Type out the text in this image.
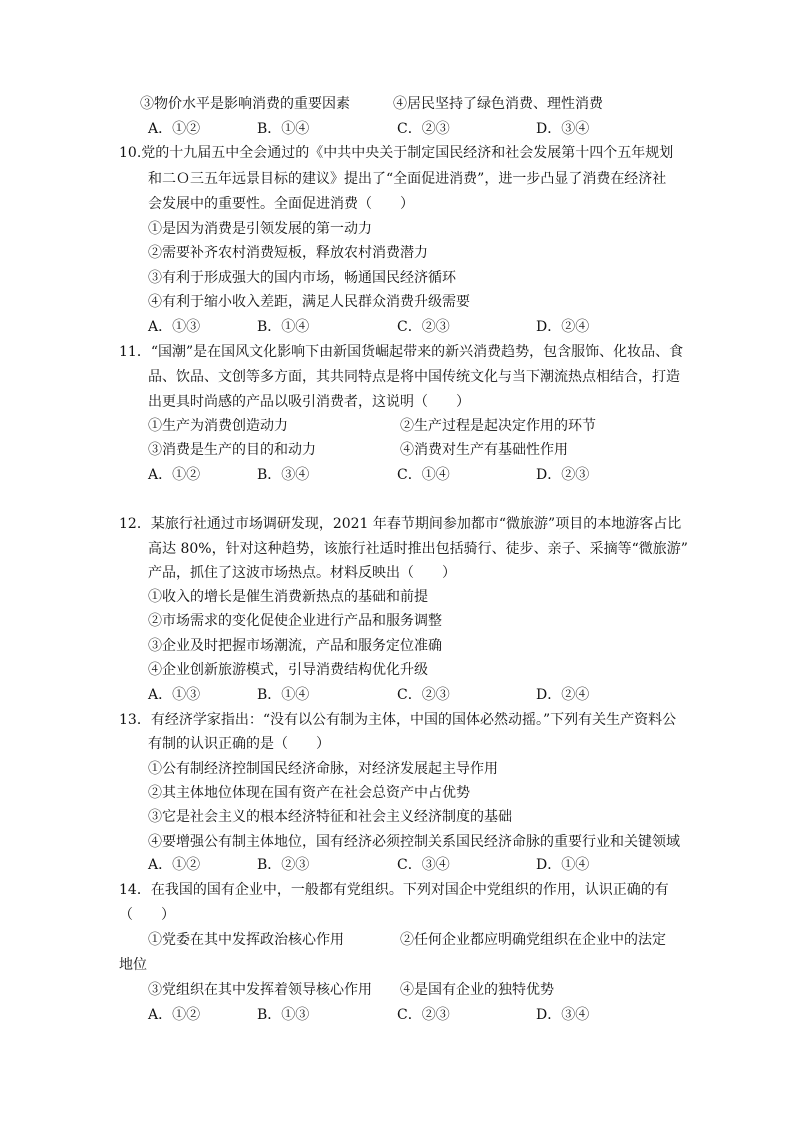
③物价水平是影响消费的重要因素	④居民坚持了绿色消费、理性消费
A．①②	B．①④	C．②③	D．③④
10.党的十九届五中全会通过的《中共中央关于制定国民经济和社会发展第十四个五年规划
和二Ｏ三五年远景目标的建议》提出了“全面促进消费”，进一步凸显了消费在经济社
会发展中的重要性。全面促进消费（　　）
①是因为消费是引领发展的第一动力
②需要补齐农村消费短板，释放农村消费潜力
③有利于形成强大的国内市场，畅通国民经济循环
④有利于缩小收入差距，满足人民群众消费升级需要
A．①③	B．①④	C．②③	D．②④
11．“国潮”是在国风文化影响下由新国货崛起带来的新兴消费趋势，包含服饰、化妆品、食
品、饮品、文创等多方面，其共同特点是将中国传统文化与当下潮流热点相结合，打造
出更具时尚感的产品以吸引消费者，这说明（　　）
①生产为消费创造动力	②生产过程是起决定作用的环节
③消费是生产的目的和动力	④消费对生产有基础性作用
A．①②	B．③④	C．①④	D．②③
12．某旅行社通过市场调研发现，2021 年春节期间参加都市“微旅游”项目的本地游客占比
高达 80%，针对这种趋势，该旅行社适时推出包括骑行、徒步、亲子、采摘等“微旅游”
产品，抓住了这波市场热点。材料反映出（　　）
①收入的增长是催生消费新热点的基础和前提
②市场需求的变化促使企业进行产品和服务调整
③企业及时把握市场潮流，产品和服务定位准确
④企业创新旅游模式，引导消费结构优化升级
A．①③	B．①④	C．②③	D．②④
13．有经济学家指出：“没有以公有制为主体，中国的国体必然动摇。”下列有关生产资料公
有制的认识正确的是（　　）
①公有制经济控制国民经济命脉，对经济发展起主导作用
②其主体地位体现在国有资产在社会总资产中占优势
③它是社会主义的根本经济特征和社会主义经济制度的基础
④要增强公有制主体地位，国有经济必须控制关系国民经济命脉的重要行业和关键领域
A．①②	B．②③	C．③④	D．①④
14．在我国的国有企业中，一般都有党组织。下列对国企中党组织的作用，认识正确的有
（　　）
①党委在其中发挥政治核心作用	②任何企业都应明确党组织在企业中的法定
地位
③党组织在其中发挥着领导核心作用 ④是国有企业的独特优势
A．①②	B．①③	C．②③	D．③④
